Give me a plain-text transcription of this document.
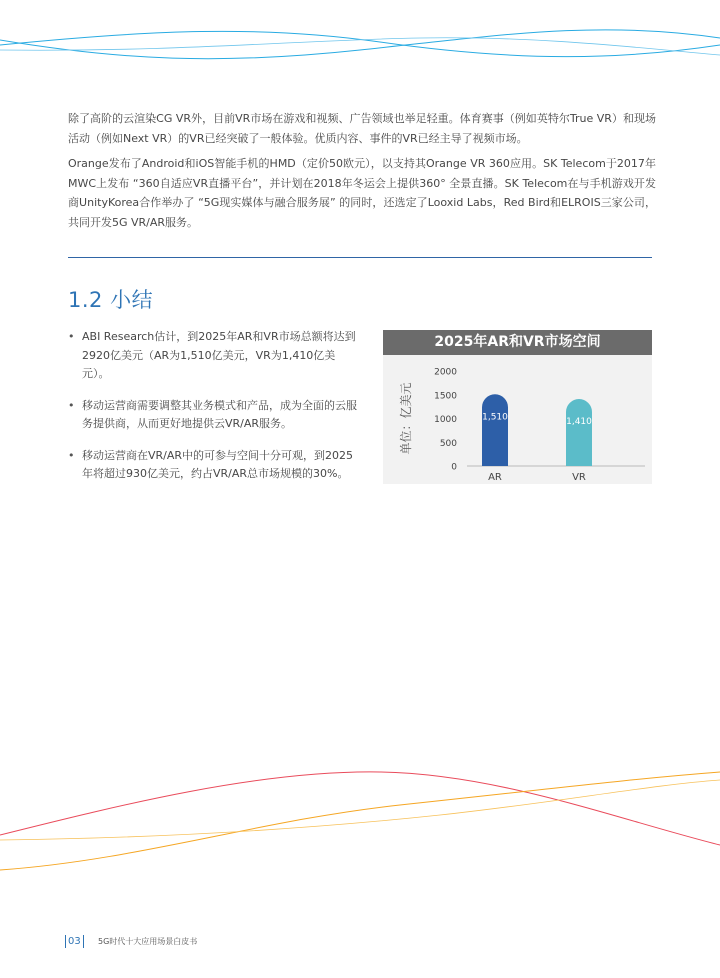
除了高阶的云渲染CG VR外，目前VR市场在游戏和视频、广告领域也举足轻重。体育赛事（例如英特尔True VR）和现场活动（例如Next VR）的VR已经突破了一般体验。优质内容、事件的VR已经主导了视频市场。

Orange发布了Android和iOS智能手机的HMD（定价50欧元），以支持其Orange VR 360应用。SK Telecom于2017年MWC上发布 “360自适应VR直播平台”，并计划在2018年冬运会上提供360° 全景直播。SK Telecom在与手机游戏开发商UnityKorea合作举办了 “5G现实媒体与融合服务展” 的同时，还选定了Looxid Labs，Red Bird和ELROIS三家公司，共同开发5G VR/AR服务。

1.2 小结
• ABI Research估计，到2025年AR和VR市场总额将达到2920亿美元（AR为1,510亿美元，VR为1,410亿美元）。
• 移动运营商需要调整其业务模式和产品，成为全面的云服务提供商，从而更好地提供云VR/AR服务。
• 移动运营商在VR/AR中的可参与空间十分可观，到2025年将超过930亿美元，约占VR/AR总市场规模的30%。
2025年AR和VR市场空间
单位：亿美元
0
500
1000
1500
2000
1,510
AR
1,410
VR
03	5G时代十大应用场景白皮书
